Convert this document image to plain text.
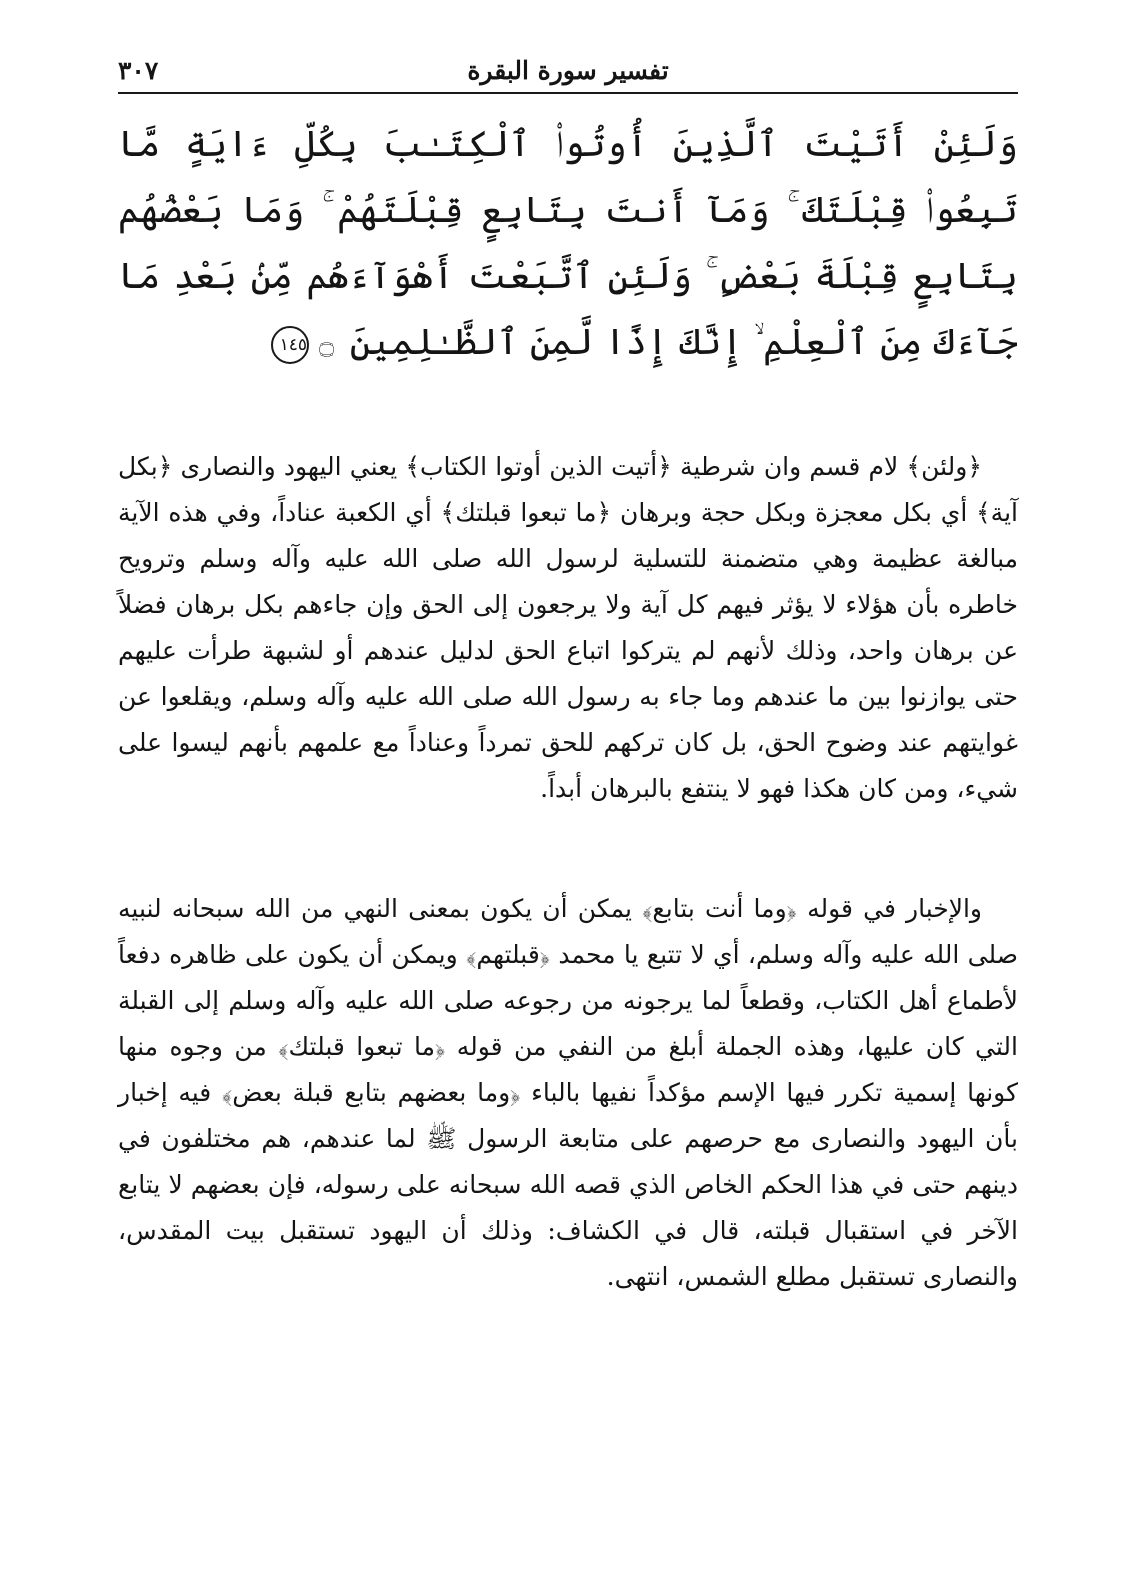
تفسير سورة البقرة
٣٠٧
وَلَئِنْ أَتَيْتَ ٱلَّذِينَ أُوتُوا۟ ٱلْكِتَـٰبَ بِكُلِّ ءَايَةٍ مَّا تَبِعُوا۟ قِبْلَتَكَ ۚ وَمَآ أَنتَ بِتَابِعٍ قِبْلَتَهُمْ ۚ وَمَا بَعْضُهُم بِتَابِعٍ قِبْلَةَ بَعْضٍ ۚ وَلَئِنِ ٱتَّبَعْتَ أَهْوَآءَهُم مِّنۢ بَعْدِ مَا جَآءَكَ مِنَ ٱلْعِلْمِ ۙ إِنَّكَ إِذًا لَّمِنَ ٱلظَّـٰلِمِينَ ۝١٤٥

﴿ولئن﴾ لام قسم وان شرطية ﴿أتيت الذين أوتوا الكتاب﴾ يعني اليهود والنصارى ﴿بكل آية﴾ أي بكل معجزة وبكل حجة وبرهان ﴿ما تبعوا قبلتك﴾ أي الكعبة عناداً، وفي هذه الآية مبالغة عظيمة وهي متضمنة للتسلية لرسول الله صلى الله عليه وآله وسلم وترويح خاطره بأن هؤلاء لا يؤثر فيهم كل آية ولا يرجعون إلى الحق وإن جاءهم بكل برهان فضلاً عن برهان واحد، وذلك لأنهم لم يتركوا اتباع الحق لدليل عندهم أو لشبهة طرأت عليهم حتى يوازنوا بين ما عندهم وما جاء به رسول الله صلى الله عليه وآله وسلم، ويقلعوا عن غوايتهم عند وضوح الحق، بل كان تركهم للحق تمرداً وعناداً مع علمهم بأنهم ليسوا على شيء، ومن كان هكذا فهو لا ينتفع بالبرهان أبداً.

والإخبار في قوله ﴿وما أنت بتابع﴾ يمكن أن يكون بمعنى النهي من الله سبحانه لنبيه صلى الله عليه وآله وسلم، أي لا تتبع يا محمد ﴿قبلتهم﴾ ويمكن أن يكون على ظاهره دفعاً لأطماع أهل الكتاب، وقطعاً لما يرجونه من رجوعه صلى الله عليه وآله وسلم إلى القبلة التي كان عليها، وهذه الجملة أبلغ من النفي من قوله ﴿ما تبعوا قبلتك﴾ من وجوه منها كونها إسمية تكرر فيها الإسم مؤكداً نفيها بالباء ﴿وما بعضهم بتابع قبلة بعض﴾ فيه إخبار بأن اليهود والنصارى مع حرصهم على متابعة الرسول ﷺ لما عندهم، هم مختلفون في دينهم حتى في هذا الحكم الخاص الذي قصه الله سبحانه على رسوله، فإن بعضهم لا يتابع الآخر في استقبال قبلته، قال في الكشاف: وذلك أن اليهود تستقبل بيت المقدس، والنصارى تستقبل مطلع الشمس، انتهى.
